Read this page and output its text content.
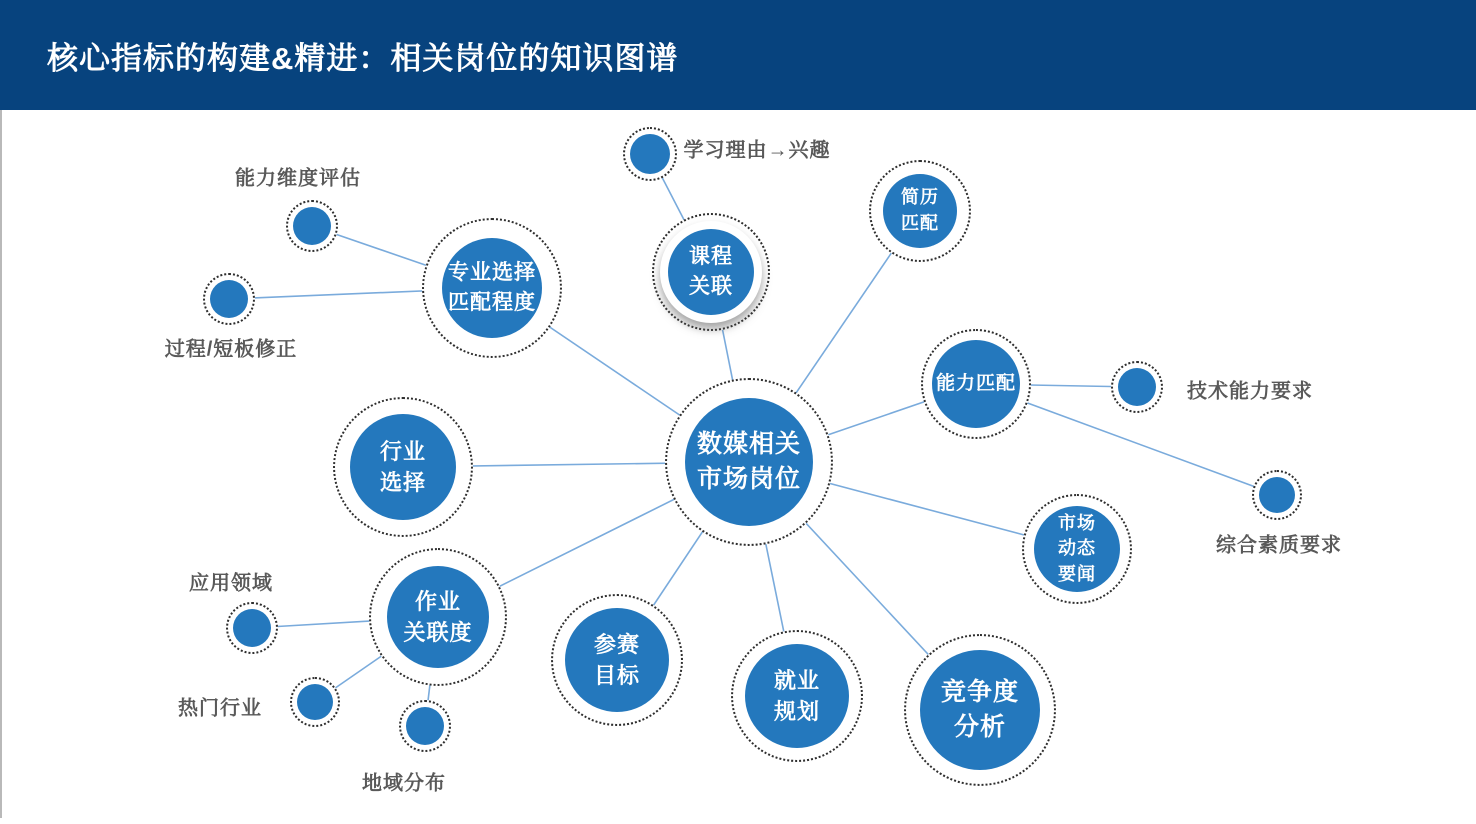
核心指标的构建&精进：相关岗位的知识图谱
数媒相关
市场岗位
专业选择
匹配程度
课程
关联
简历
匹配
能力匹配
市场
动态
要闻
行业
选择
作业
关联度	参赛
目标	就业
规划
竞争度
分析
能力维度评估
过程/短板修正
学习理由→兴趣
技术能力要求
综合素质要求
应用领域
热门行业
地域分布
